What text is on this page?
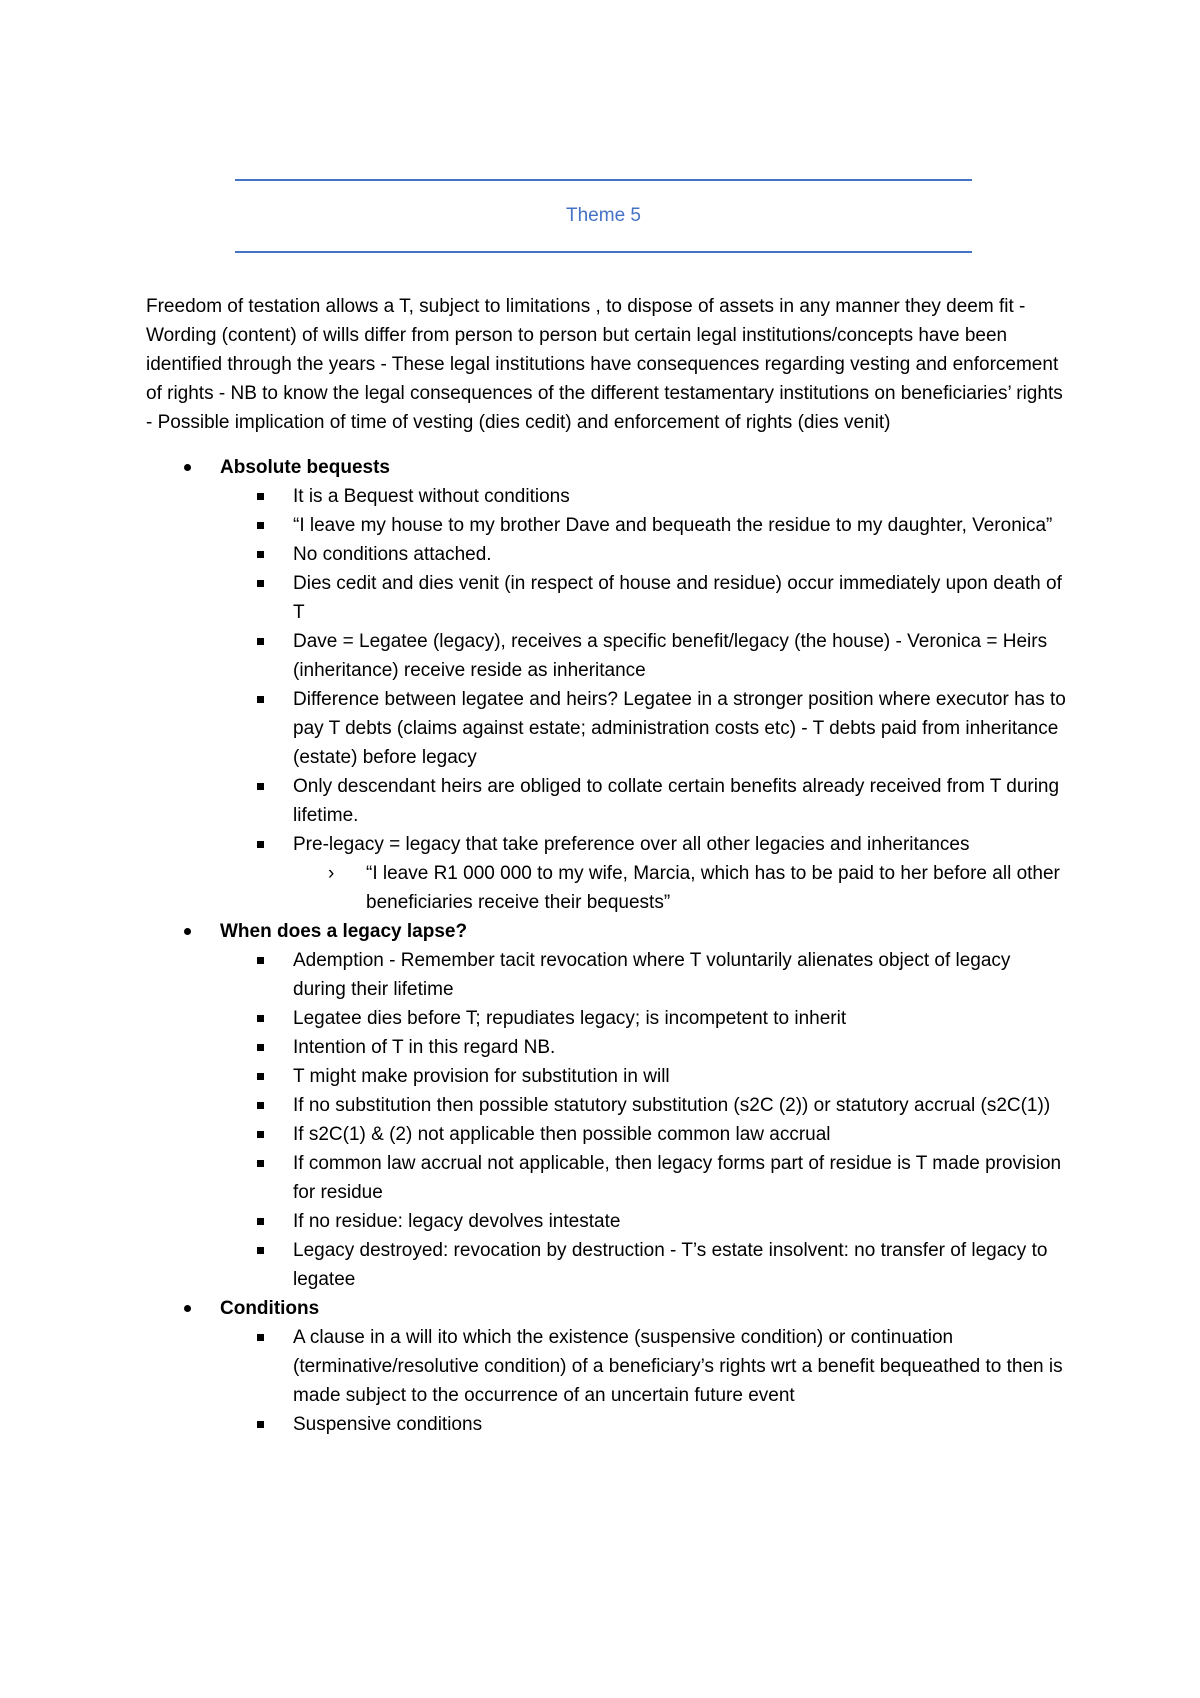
Theme 5

Freedom of testation allows a T, subject to limitations , to dispose of assets in any manner they deem fit - Wording (content) of wills differ from person to person but certain legal institutions/concepts have been identified through the years - These legal institutions have consequences regarding vesting and enforcement of rights - NB to know the legal consequences of the different testamentary institutions on beneficiaries’ rights - Possible implication of time of vesting (dies cedit) and enforcement of rights (dies venit)

Absolute bequests
It is a Bequest without conditions
“I leave my house to my brother Dave and bequeath the residue to my daughter, Veronica”
No conditions attached.
Dies cedit and dies venit (in respect of house and residue) occur immediately upon death of T
Dave = Legatee (legacy), receives a specific benefit/legacy (the house) - Veronica = Heirs (inheritance) receive reside as inheritance
Difference between legatee and heirs? Legatee in a stronger position where executor has to pay T debts (claims against estate; administration costs etc) - T debts paid from inheritance (estate) before legacy
Only descendant heirs are obliged to collate certain benefits already received from T during lifetime.
Pre-legacy = legacy that take preference over all other legacies and inheritances
› “I leave R1 000 000 to my wife, Marcia, which has to be paid to her before all other beneficiaries receive their bequests”
When does a legacy lapse?
Ademption - Remember tacit revocation where T voluntarily alienates object of legacy during their lifetime
Legatee dies before T; repudiates legacy; is incompetent to inherit
Intention of T in this regard NB.
T might make provision for substitution in will
If no substitution then possible statutory substitution (s2C (2)) or statutory accrual (s2C(1))
If s2C(1) & (2) not applicable then possible common law accrual
If common law accrual not applicable, then legacy forms part of residue is T made provision for residue
If no residue: legacy devolves intestate
Legacy destroyed: revocation by destruction - T’s estate insolvent: no transfer of legacy to legatee
Conditions
A clause in a will ito which the existence (suspensive condition) or continuation (terminative/resolutive condition) of a beneficiary’s rights wrt a benefit bequeathed to then is made subject to the occurrence of an uncertain future event
Suspensive conditions
